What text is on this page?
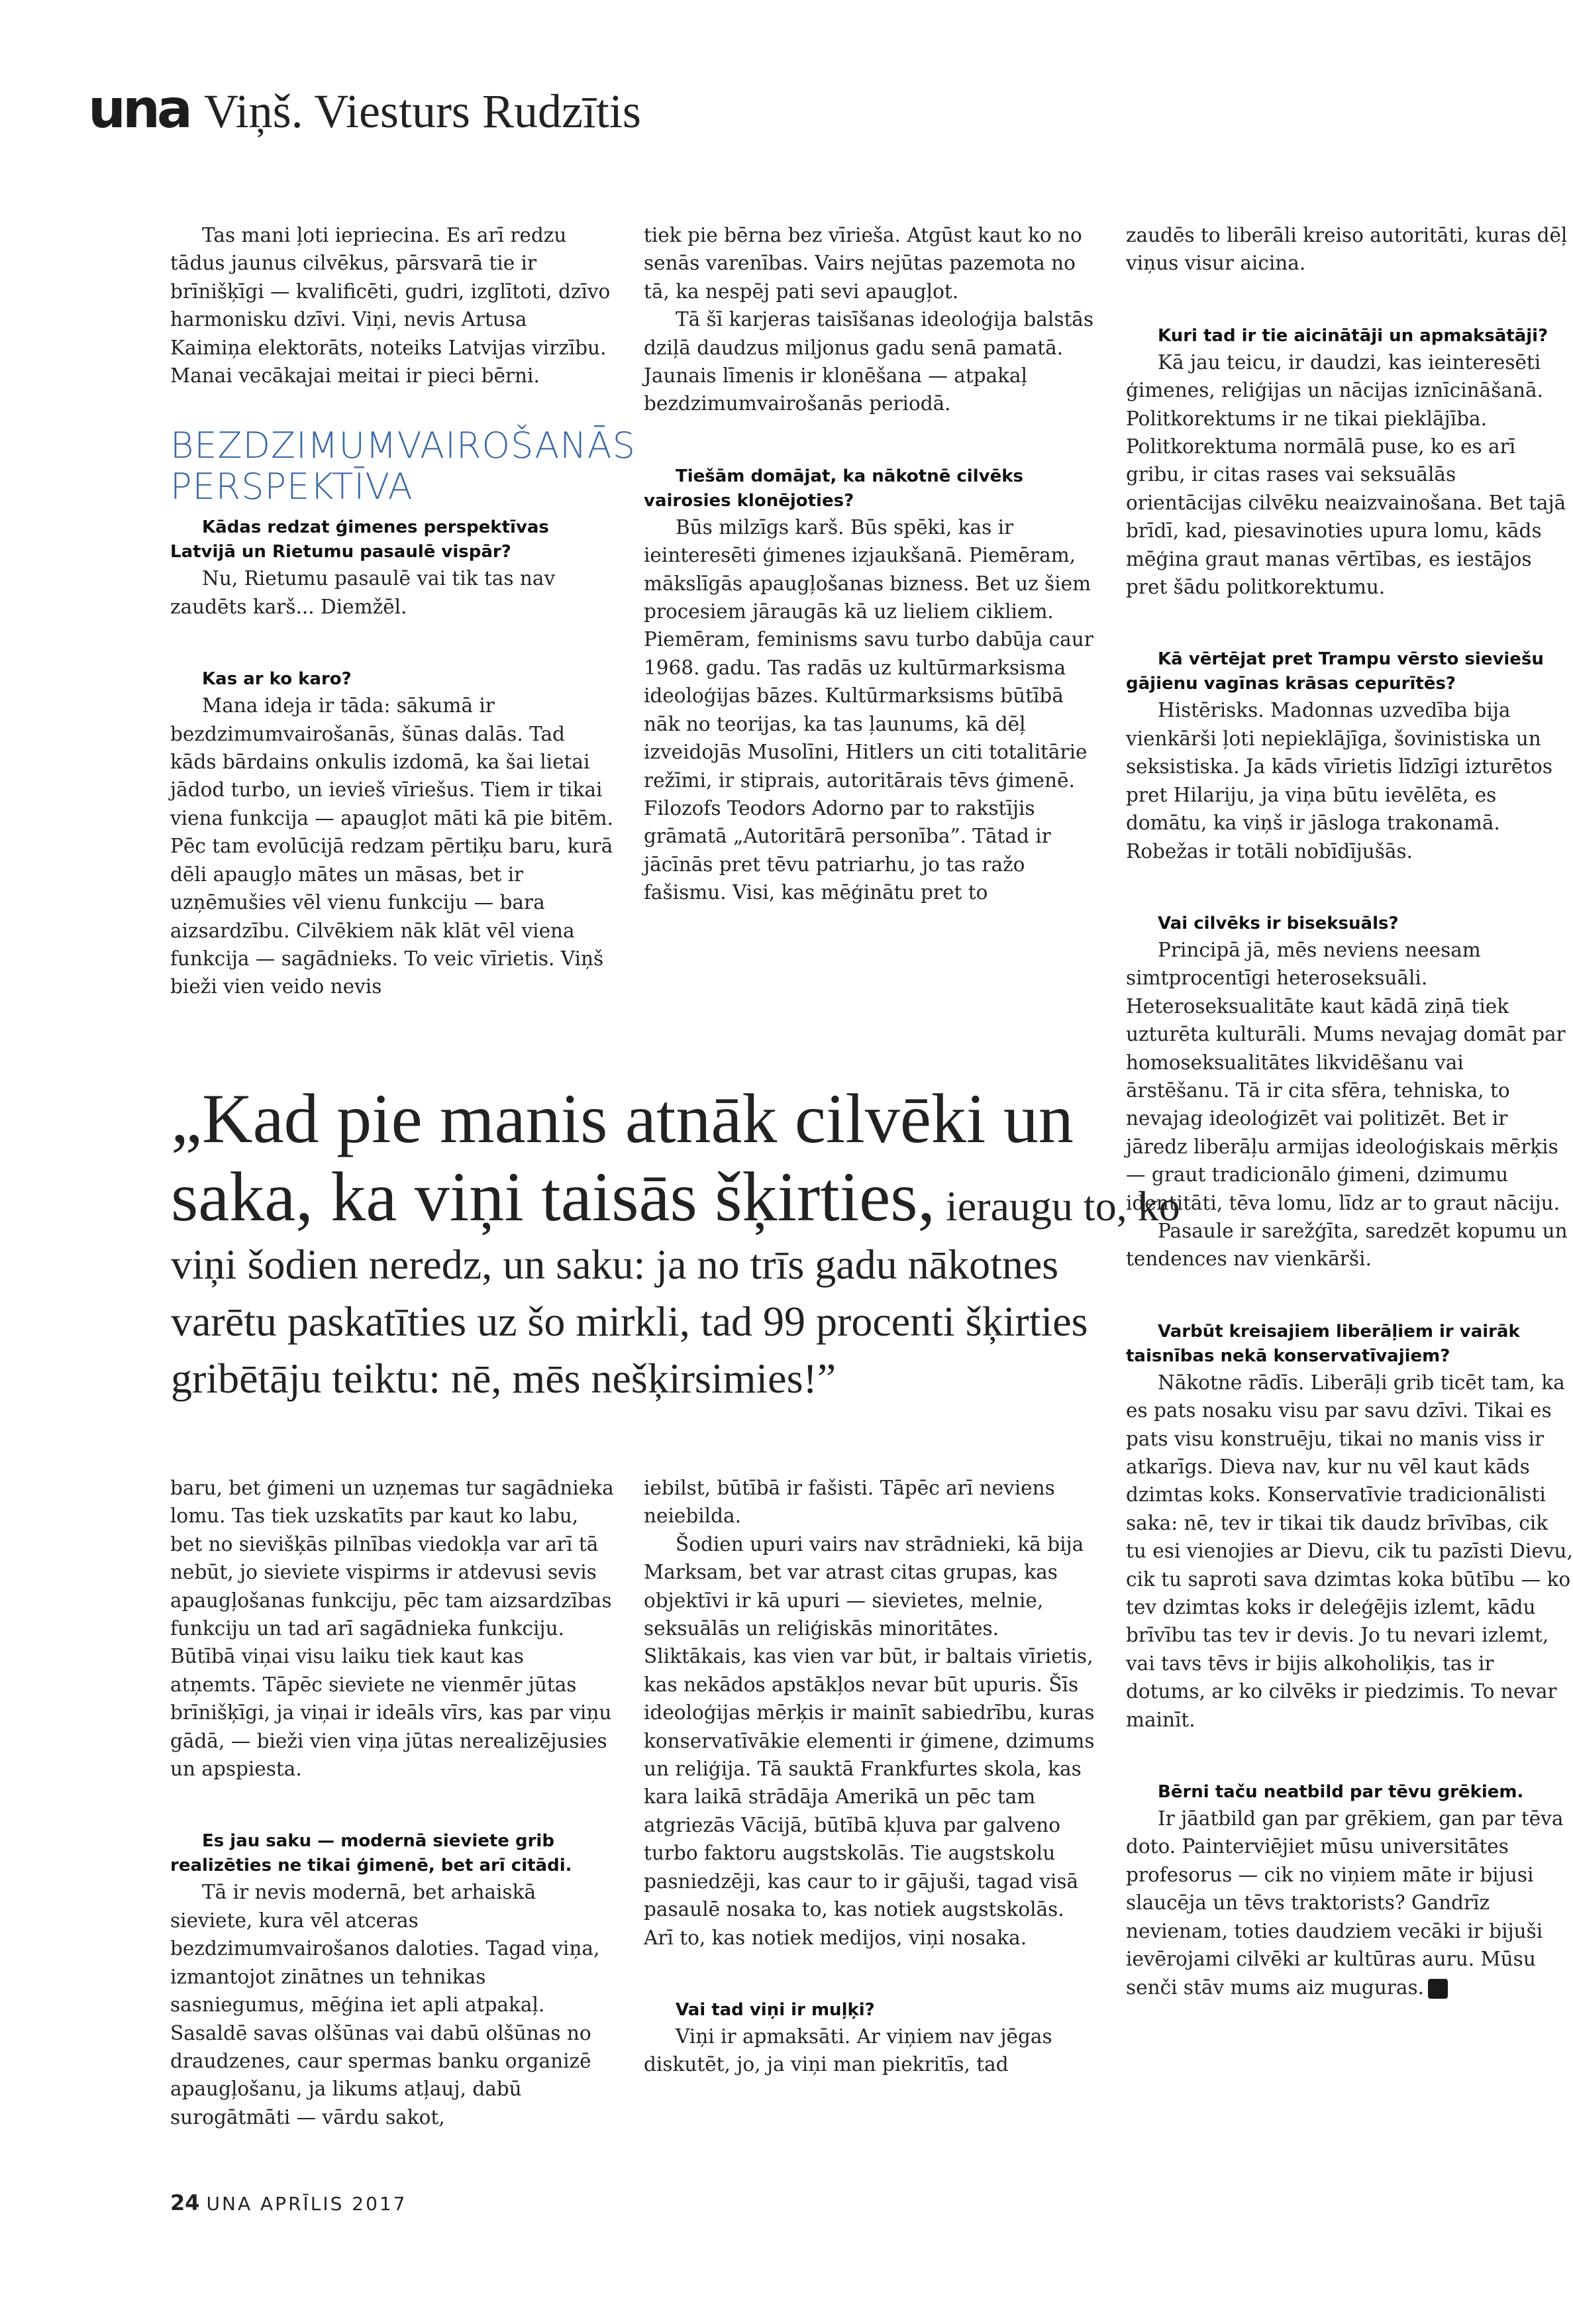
una Viņš. Viesturs Rudzītis

Tas mani ļoti iepriecina. Es arī redzu tādus jaunus cilvēkus, pārsvarā tie ir brīnišķīgi — kvalificēti, gudri, izglītoti, dzīvo harmonisku dzīvi. Viņi, nevis Artusa Kaimiņa elektorāts, noteiks Latvijas virzību. Manai vecākajai meitai ir pieci bērni.

BEZDZIMUMVAIROŠANĀS PERSPEKTĪVA

Kādas redzat ģimenes perspektīvas Latvijā un Rietumu pasaulē vispār?

Nu, Rietumu pasaulē vai tik tas nav zaudēts karš... Diemžēl.

Kas ar ko karo?

Mana ideja ir tāda: sākumā ir bezdzimumvairošanās, šūnas dalās. Tad kāds bārdains onkulis izdomā, ka šai lietai jādod turbo, un ievieš vīriešus. Tiem ir tikai viena funkcija — apaugļot māti kā pie bitēm. Pēc tam evolūcijā redzam pērtiķu baru, kurā dēli apaugļo mātes un māsas, bet ir uzņēmušies vēl vienu funkciju — bara aizsardzību. Cilvēkiem nāk klāt vēl viena funkcija — sagādnieks. To veic vīrietis. Viņš bieži vien veido nevis

tiek pie bērna bez vīrieša. Atgūst kaut ko no senās varenības. Vairs nejūtas pazemota no tā, ka nespēj pati sevi apaugļot.

Tā šī karjeras taisīšanas ideoloģija balstās dziļā daudzus miljonus gadu senā pamatā. Jaunais līmenis ir klonēšana — atpakaļ bezdzimumvairošanās periodā.

Tiešām domājat, ka nākotnē cilvēks vairosies klonējoties?

Būs milzīgs karš. Būs spēki, kas ir ieinteresēti ģimenes izjaukšanā. Piemēram, mākslīgās apaugļošanas bizness. Bet uz šiem procesiem jāraugās kā uz lieliem cikliem. Piemēram, feminisms savu turbo dabūja caur 1968. gadu. Tas radās uz kultūrmarksisma ideoloģijas bāzes. Kultūrmarksisms būtībā nāk no teorijas, ka tas ļaunums, kā dēļ izveidojās Musolīni, Hitlers un citi totalitārie režīmi, ir stiprais, autoritārais tēvs ģimenē. Filozofs Teodors Adorno par to rakstījis grāmatā „Autoritārā personība”. Tātad ir jācīnās pret tēvu patriarhu, jo tas ražo fašismu. Visi, kas mēģinātu pret to

zaudēs to liberāli kreiso autoritāti, kuras dēļ viņus visur aicina.

Kuri tad ir tie aicinātāji un apmaksātāji?

Kā jau teicu, ir daudzi, kas ieinteresēti ģimenes, reliģijas un nācijas iznīcināšanā. Politkorektums ir ne tikai pieklājība. Politkorektuma normālā puse, ko es arī gribu, ir citas rases vai seksuālās orientācijas cilvēku neaizvainošana. Bet tajā brīdī, kad, piesavinoties upura lomu, kāds mēģina graut manas vērtības, es iestājos pret šādu politkorektumu.

Kā vērtējat pret Trampu vērsto sieviešu gājienu vagīnas krāsas cepurītēs?

Histērisks. Madonnas uzvedība bija vienkārši ļoti nepieklājīga, šovinistiska un seksistiska. Ja kāds vīrietis līdzīgi izturētos pret Hilariju, ja viņa būtu ievēlēta, es domātu, ka viņš ir jāsloga trakonamā. Robežas ir totāli nobīdījušās.

Vai cilvēks ir biseksuāls?

Principā jā, mēs neviens neesam simtprocentīgi heteroseksuāli. Heteroseksualitāte kaut kādā ziņā tiek uzturēta kulturāli. Mums nevajag domāt par homoseksualitātes likvidēšanu vai ārstēšanu. Tā ir cita sfēra, tehniska, to nevajag ideoloģizēt vai politizēt. Bet ir jāredz liberāļu armijas ideoloģiskais mērķis — graut tradicionālo ģimeni, dzimumu identitāti, tēva lomu, līdz ar to graut nāciju.

Pasaule ir sarežģīta, saredzēt kopumu un tendences nav vienkārši.

Varbūt kreisajiem liberāļiem ir vairāk taisnības nekā konservatīvajiem?

Nākotne rādīs. Liberāļi grib ticēt tam, ka es pats nosaku visu par savu dzīvi. Tikai es pats visu konstruēju, tikai no manis viss ir atkarīgs. Dieva nav, kur nu vēl kaut kāds dzimtas koks. Konservatīvie tradicionālisti saka: nē, tev ir tikai tik daudz brīvības, cik tu esi vienojies ar Dievu, cik tu pazīsti Dievu, cik tu saproti sava dzimtas koka būtību — ko tev dzimtas koks ir deleģējis izlemt, kādu brīvību tas tev ir devis. Jo tu nevari izlemt, vai tavs tēvs ir bijis alkoholiķis, tas ir dotums, ar ko cilvēks ir piedzimis. To nevar mainīt.

Bērni taču neatbild par tēvu grēkiem.

Ir jāatbild gan par grēkiem, gan par tēva doto. Painterviējiet mūsu universitātes profesorus — cik no viņiem māte ir bijusi slaucēja un tēvs traktorists? Gandrīz nevienam, toties daudziem vecāki ir bijuši ievērojami cilvēki ar kultūras auru. Mūsu senči stāv mums aiz muguras. U

„Kad pie manis atnāk cilvēki un
saka, ka viņi taisās šķirties, ieraugu to, ko
viņi šodien neredz, un saku: ja no trīs gadu nākotnes
varētu paskatīties uz šo mirkli, tad 99 procenti šķirties
gribētāju teiktu: nē, mēs nešķirsimies!”

baru, bet ģimeni un uzņemas tur sagādnieka lomu. Tas tiek uzskatīts par kaut ko labu, bet no sievišķās pilnības viedokļa var arī tā nebūt, jo sieviete vispirms ir atdevusi sevis apaugļošanas funkciju, pēc tam aizsardzības funkciju un tad arī sagādnieka funkciju. Būtībā viņai visu laiku tiek kaut kas atņemts. Tāpēc sieviete ne vienmēr jūtas brīnišķīgi, ja viņai ir ideāls vīrs, kas par viņu gādā, — bieži vien viņa jūtas nerealizējusies un apspiesta.

Es jau saku — modernā sieviete grib realizēties ne tikai ģimenē, bet arī citādi.

Tā ir nevis modernā, bet arhaiskā sieviete, kura vēl atceras bezdzimumvairošanos daloties. Tagad viņa, izmantojot zinātnes un tehnikas sasniegumus, mēģina iet apli atpakaļ. Sasaldē savas olšūnas vai dabū olšūnas no draudzenes, caur spermas banku organizē apaugļošanu, ja likums atļauj, dabū surogātmāti — vārdu sakot,

iebilst, būtībā ir fašisti. Tāpēc arī neviens neiebilda.

Šodien upuri vairs nav strādnieki, kā bija Marksam, bet var atrast citas grupas, kas objektīvi ir kā upuri — sievietes, melnie, seksuālās un reliģiskās minoritātes. Sliktākais, kas vien var būt, ir baltais vīrietis, kas nekādos apstākļos nevar būt upuris. Šīs ideoloģijas mērķis ir mainīt sabiedrību, kuras konservatīvākie elementi ir ģimene, dzimums un reliģija. Tā sauktā Frankfurtes skola, kas kara laikā strādāja Amerikā un pēc tam atgriezās Vācijā, būtībā kļuva par galveno turbo faktoru augstskolās. Tie augstskolu pasniedzēji, kas caur to ir gājuši, tagad visā pasaulē nosaka to, kas notiek augstskolās. Arī to, kas notiek medijos, viņi nosaka.

Vai tad viņi ir muļķi?

Viņi ir apmaksāti. Ar viņiem nav jēgas diskutēt, jo, ja viņi man piekritīs, tad

24 UNA APRĪLIS 2017
